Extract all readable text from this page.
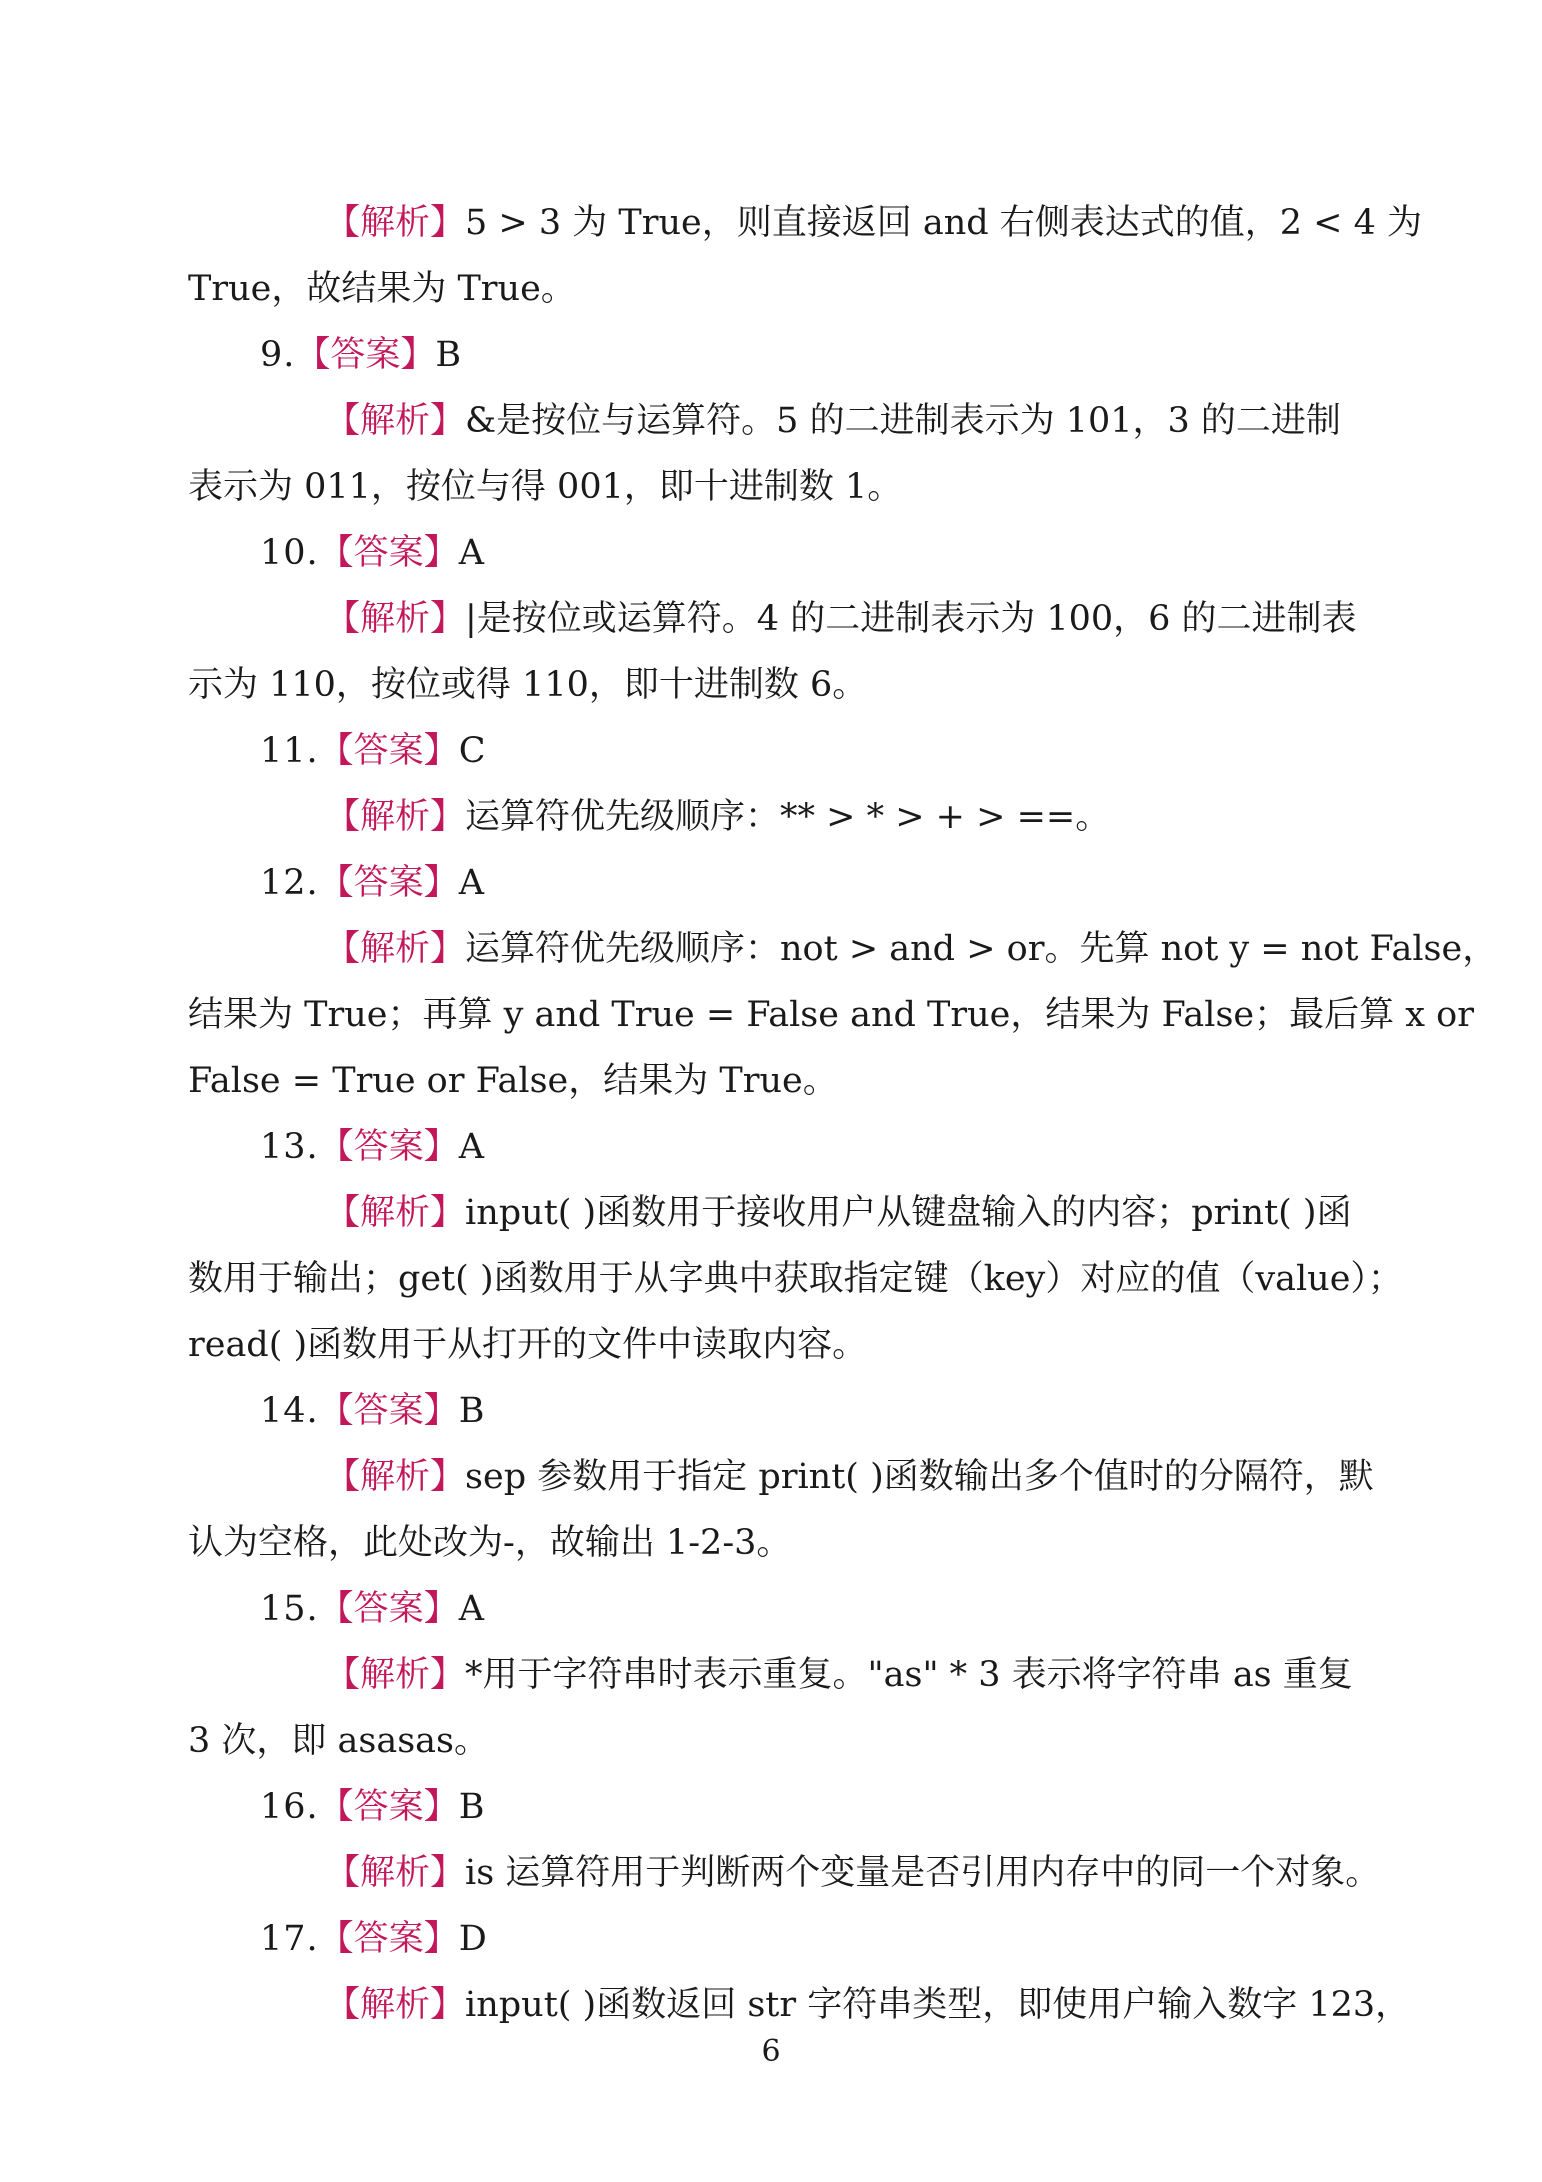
【解析】5 > 3 为 True，则直接返回 and 右侧表达式的值，2 < 4 为
True，故结果为 True。
9.【答案】B
【解析】&是按位与运算符。5 的二进制表示为 101，3 的二进制
表示为 011，按位与得 001，即十进制数 1。
10.【答案】A
【解析】|是按位或运算符。4 的二进制表示为 100，6 的二进制表
示为 110，按位或得 110，即十进制数 6。
11.【答案】C
【解析】运算符优先级顺序：** > * > + > ==。
12.【答案】A
【解析】运算符优先级顺序：not > and > or。先算 not y = not False，
结果为 True；再算 y and True = False and True，结果为 False；最后算 x or
False = True or False，结果为 True。
13.【答案】A
【解析】input( )函数用于接收用户从键盘输入的内容；print( )函
数用于输出；get( )函数用于从字典中获取指定键（key）对应的值（value）；
read( )函数用于从打开的文件中读取内容。
14.【答案】B
【解析】sep 参数用于指定 print( )函数输出多个值时的分隔符，默
认为空格，此处改为-，故输出 1-2-3。
15.【答案】A
【解析】*用于字符串时表示重复。"as" * 3 表示将字符串 as 重复
3 次，即 asasas。
16.【答案】B
【解析】is 运算符用于判断两个变量是否引用内存中的同一个对象。
17.【答案】D
【解析】input( )函数返回 str 字符串类型，即使用户输入数字 123，
6
